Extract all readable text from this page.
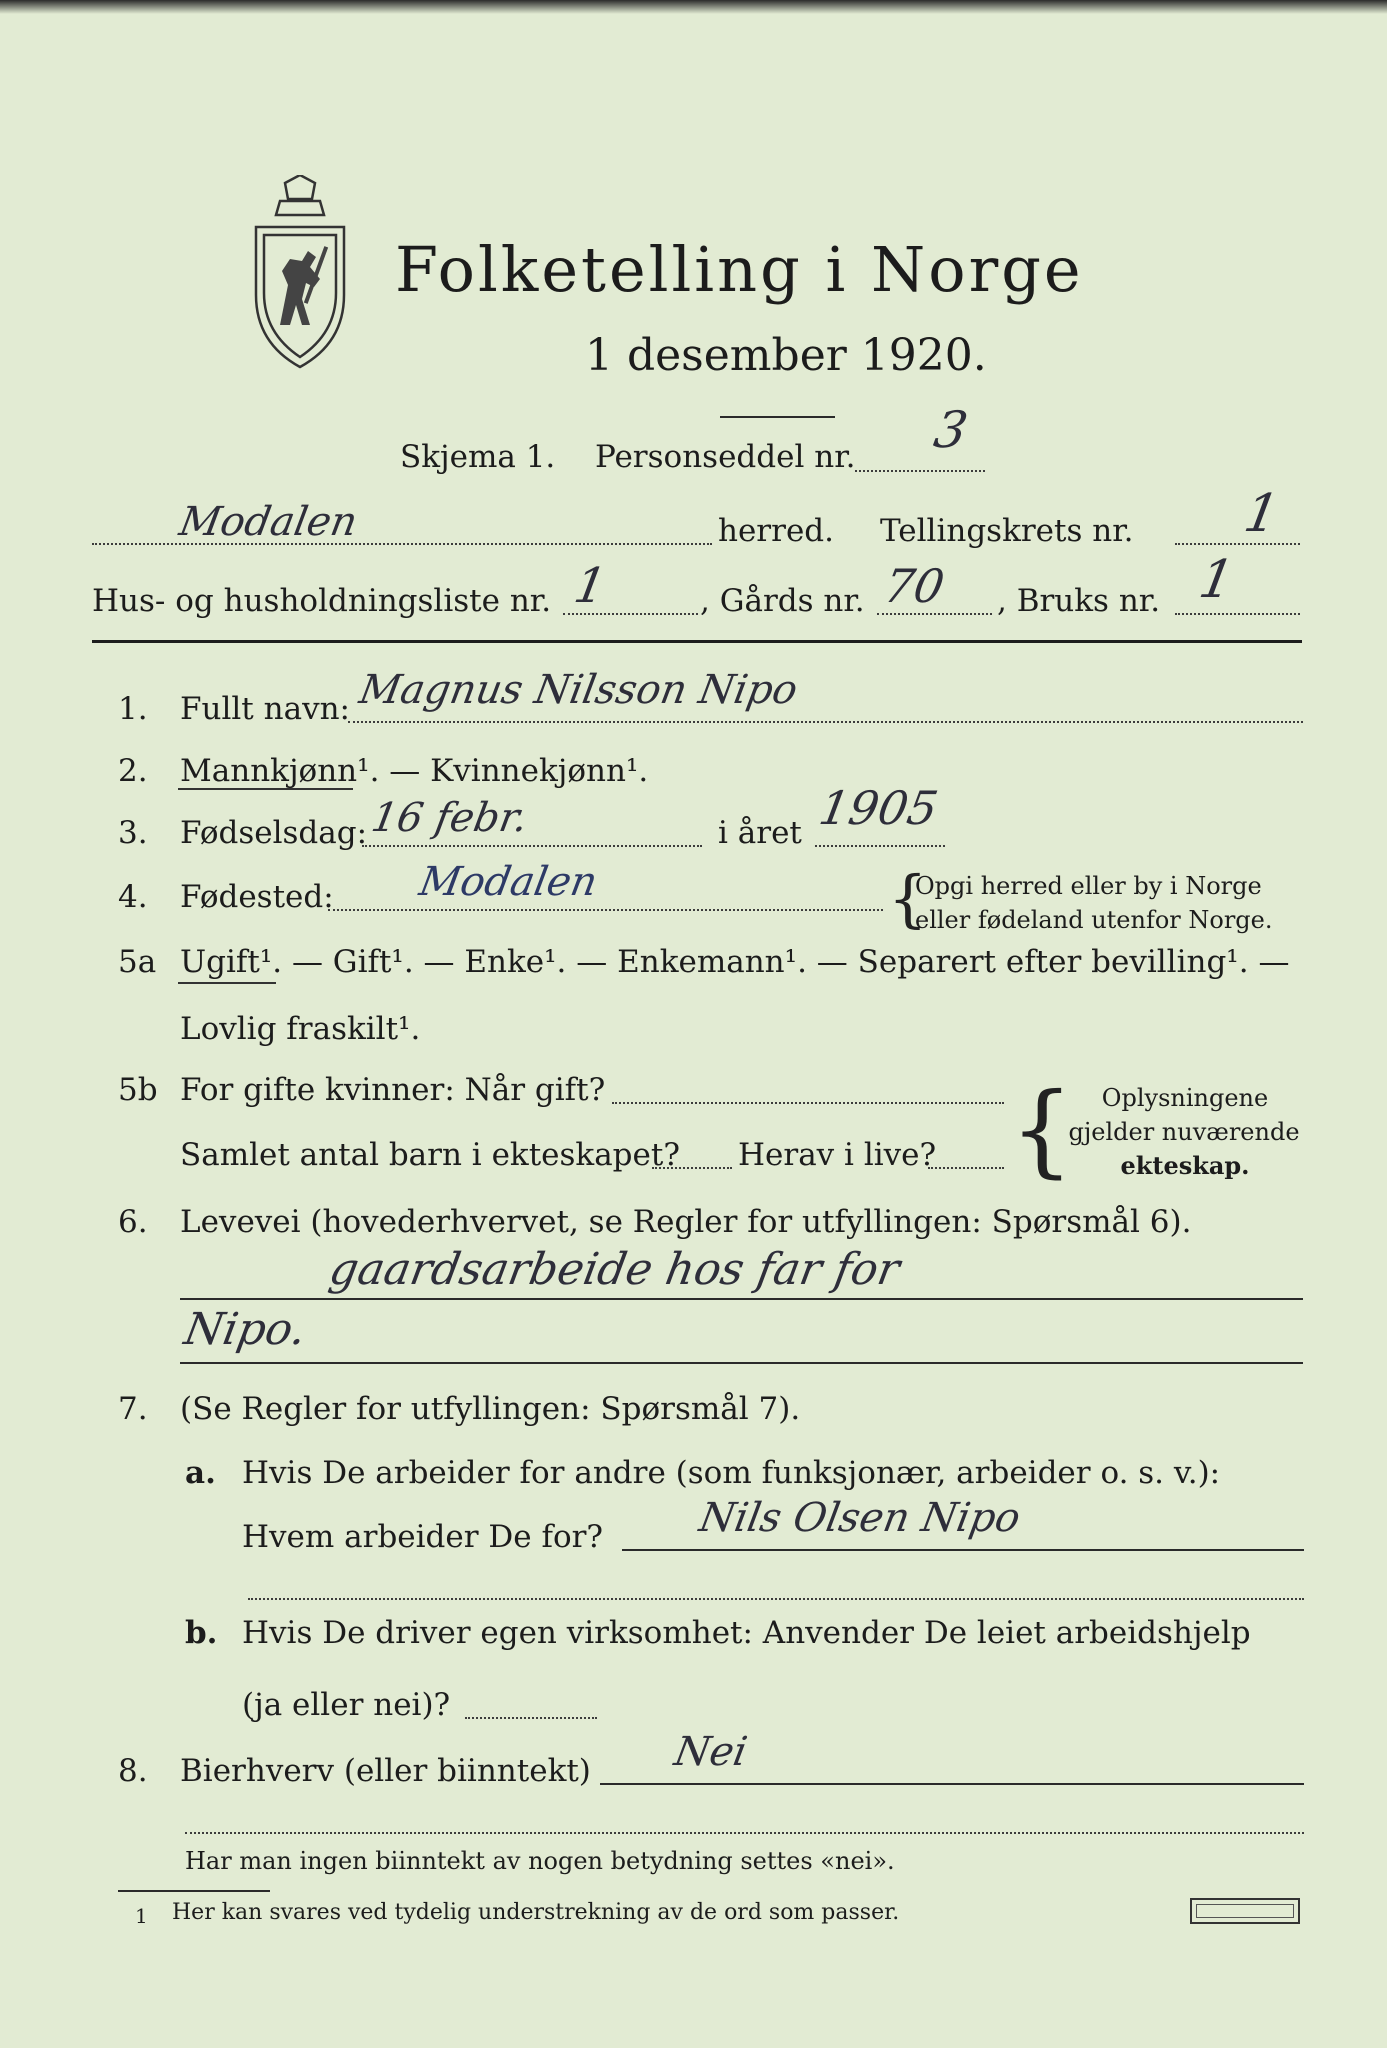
Folketelling i Norge
1 desember 1920.
Skjema 1. Personseddel nr. 3
Modalen	herred. Tellingskrets nr. 1
Hus- og husholdningsliste nr. 1	, Gårds nr. 70 , Bruks nr. 1
1. Fullt navn: Magnus Nilsson Nipo
2. Mannkjønn¹. — Kvinnekjønn¹.
3. Fødselsdag: 16 febr.	i året 1905
4. Fødested: Modalen	{
Opgi herred eller by i Norge
eller fødeland utenfor Norge.
5a Ugift¹. — Gift¹. — Enke¹. — Enkemann¹. — Separert efter bevilling¹. —
Lovlig fraskilt¹.
5b For gifte kvinner: Når gift?
Samlet antal barn i ekteskapet? Herav i live? {	Oplysningene
gjelder nuværende
ekteskap.
6. Levevei (hovederhvervet, se Regler for utfyllingen: Spørsmål 6).
gaardsarbeide hos far for
Nipo.
7. (Se Regler for utfyllingen: Spørsmål 7).
a. Hvis De arbeider for andre (som funksjonær, arbeider o. s. v.):
Hvem arbeider De for? Nils Olsen Nipo
b. Hvis De driver egen virksomhet: Anvender De leiet arbeidshjelp
(ja eller nei)?
8. Bierhverv (eller biinntekt) Nei
Har man ingen biinntekt av nogen betydning settes «nei».
1 Her kan svares ved tydelig understrekning av de ord som passer.
